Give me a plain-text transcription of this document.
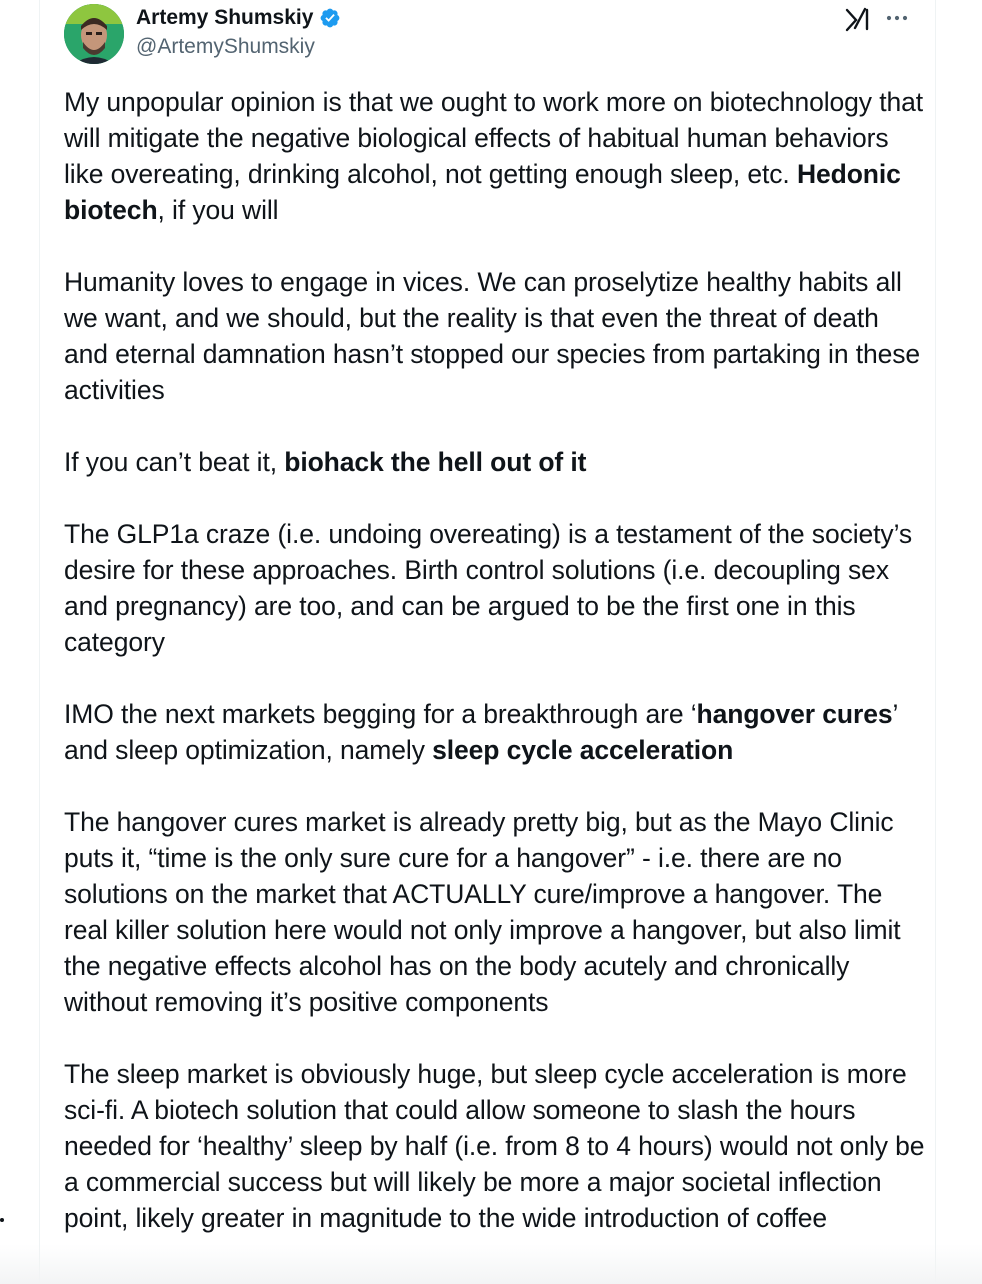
Artemy Shumskiy
@ArtemyShumskiy

My unpopular opinion is that we ought to work more on biotechnology that will mitigate the negative biological effects of habitual human behaviors like overeating, drinking alcohol, not getting enough sleep, etc. Hedonic biotech, if you will

Humanity loves to engage in vices. We can proselytize healthy habits all we want, and we should, but the reality is that even the threat of death and eternal damnation hasn’t stopped our species from partaking in these activities

If you can’t beat it, biohack the hell out of it

The GLP1a craze (i.e. undoing overeating) is a testament of the society’s desire for these approaches. Birth control solutions (i.e. decoupling sex and pregnancy) are too, and can be argued to be the first one in this category

IMO the next markets begging for a breakthrough are ‘hangover cures’ and sleep optimization, namely sleep cycle acceleration

The hangover cures market is already pretty big, but as the Mayo Clinic puts it, “time is the only sure cure for a hangover” - i.e. there are no solutions on the market that ACTUALLY cure/improve a hangover. The real killer solution here would not only improve a hangover, but also limit the negative effects alcohol has on the body acutely and chronically without removing it’s positive components

The sleep market is obviously huge, but sleep cycle acceleration is more sci-fi. A biotech solution that could allow someone to slash the hours needed for ‘healthy’ sleep by half (i.e. from 8 to 4 hours) would not only be a commercial success but will likely be more a major societal inflection point, likely greater in magnitude to the wide introduction of coffee
